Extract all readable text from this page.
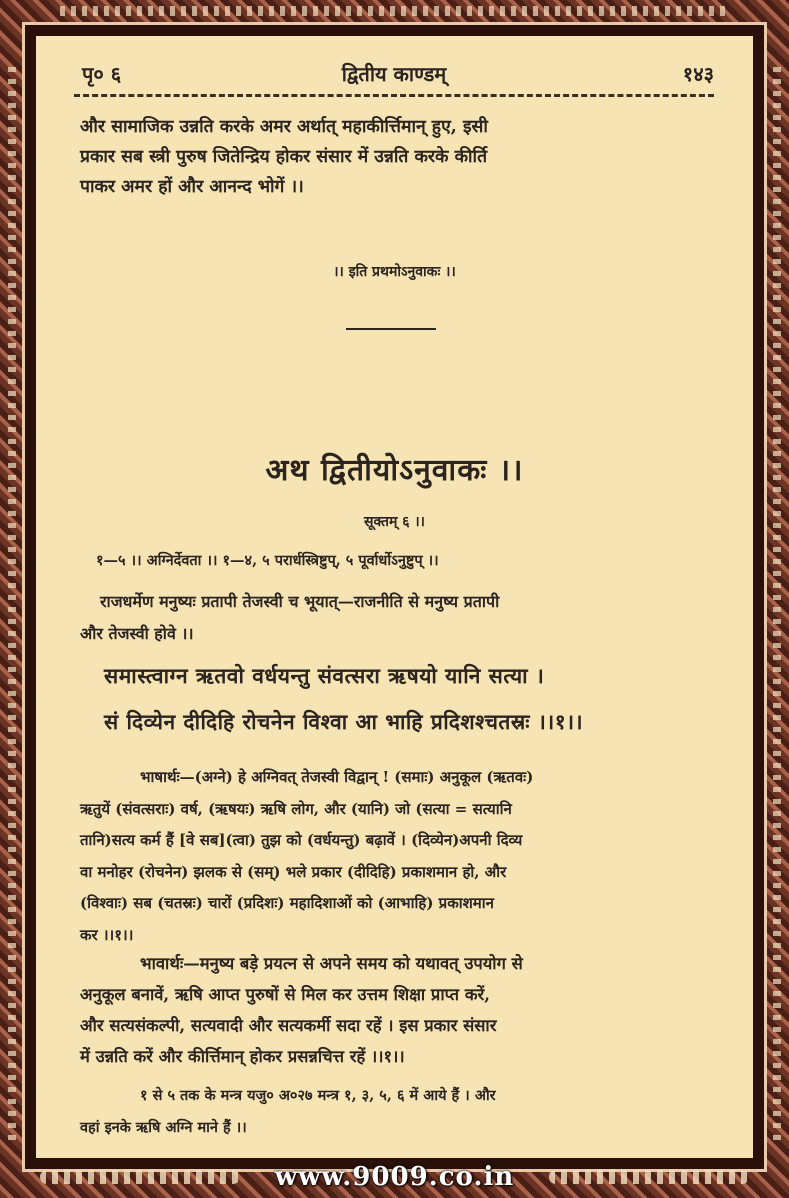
पृ० ६	द्वितीय काण्डम्	१४३
और सामाजिक उन्नति करके अमर अर्थात् महाकीर्त्तिमान् हुए, इसी
प्रकार सब स्त्री पुरुष जितेन्द्रिय होकर संसार में उन्नति करके कीर्ति
पाकर अमर हों और आनन्द भोगें ।।
।। इति प्रथमोऽनुवाकः ।।
अथ द्वितीयोऽनुवाकः ।।
सूक्तम् ६ ।।
१—५ ।। अग्निर्देवता ।। १—४, ५ परार्धस्त्रिष्टुप्, ५ पूर्वार्धोऽनुष्टुप् ।।
राजधर्मेण मनुष्यः प्रतापी तेजस्वी च भूयात्—राजनीति से मनुष्य प्रतापी
और तेजस्वी होवे ।।
समास्त्वाग्न ऋतवो वर्धयन्तु संवत्सरा ऋषयो यानि सत्या ।
सं दिव्येन दीदिहि रोचनेन विश्वा आ भाहि प्रदिशश्चतस्रः ।।१।।
भाषार्थः—(अग्ने) हे अग्निवत् तेजस्वी विद्वान् ! (समाः) अनुकूल (ऋतवः)
ऋतुयें (संवत्सराः) वर्ष, (ऋषयः) ऋषि लोग, और (यानि) जो (सत्या = सत्यानि
तानि)सत्य कर्म हैं [वे सब](त्वा) तुझ को (वर्धयन्तु) बढ़ावें । (दिव्येन)अपनी दिव्य
वा मनोहर (रोचनेन) झलक से (सम्) भले प्रकार (दीदिहि) प्रकाशमान हो, और
(विश्वाः) सब (चतस्रः) चारों (प्रदिशः) महादिशाओं को (आभाहि) प्रकाशमान
कर ।।१।।
भावार्थः—मनुष्य बड़े प्रयत्न से अपने समय को यथावत् उपयोग से
अनुकूल बनावें, ऋषि आप्त पुरुषों से मिल कर उत्तम शिक्षा प्राप्त करें,
और सत्यसंकल्पी, सत्यवादी और सत्यकर्मी सदा रहें । इस प्रकार संसार
में उन्नति करें और कीर्त्तिमान् होकर प्रसन्नचित्त रहें ।।१।।
१ से ५ तक के मन्त्र यजु० अ०२७ मन्त्र १, ३, ५, ६ में आये हैं । और
वहां इनके ऋषि अग्नि माने हैं ।।
www.9009.co.in
